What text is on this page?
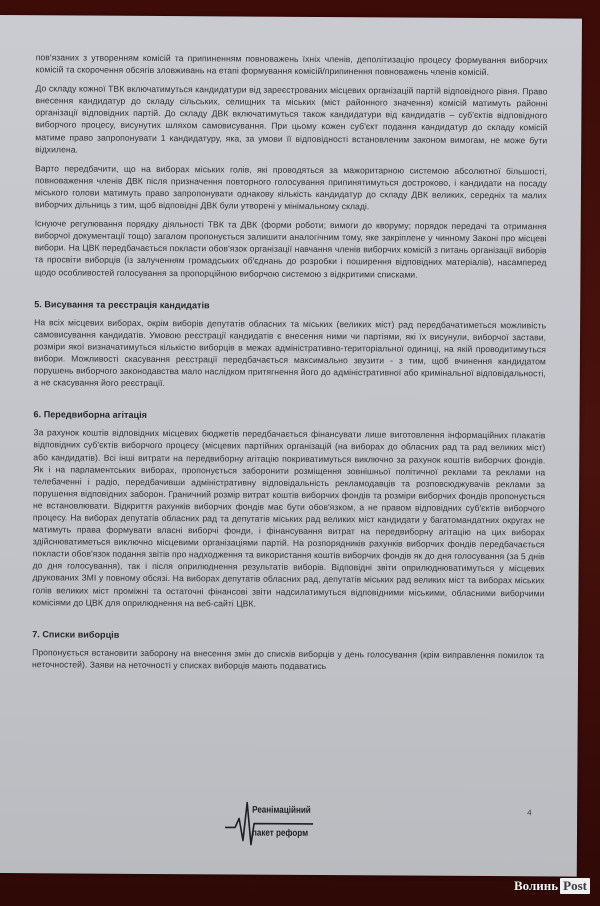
пов'язаних з утворенням комісій та припиненням повноважень їхніх членів, деполітизацію процесу формування виборчих комісій та скорочення обсягів зловживань на етапі формування комісій/припинення повноважень членів комісій.

До складу кожної ТВК включатимуться кандидатури від зареєстрованих місцевих організацій партій відповідного рівня. Право внесення кандидатур до складу сільських, селищних та міських (міст районного значення) комісій матимуть районні організації відповідних партій. До складу ДВК включатимуться також кандидатури від кандидатів – суб'єктів відповідного виборчого процесу, висунутих шляхом самовисування. При цьому кожен суб'єкт подання кандидатур до складу комісій матиме право запропонувати 1 кандидатуру, яка, за умови її відповідності встановленим законом вимогам, не може бути відхилена.

Варто передбачити, що на виборах міських голів, які проводяться за мажоритарною системою абсолютної більшості, повноваження членів ДВК після призначення повторного голосування припинятимуться достроково, і кандидати на посаду міського голови матимуть право запропонувати однакову кількість кандидатур до складу ДВК великих, середніх та малих виборчих дільниць з тим, щоб відповідні ДВК були утворені у мінімальному складі.

Існуюче регулювання порядку діяльності ТВК та ДВК (форми роботи; вимоги до кворуму; порядок передачі та отримання виборчої документації тощо) загалом пропонується залишити аналогічним тому, яке закріплене у чинному Законі про місцеві вибори. На ЦВК передбачається покласти обов'язок організації навчання членів виборчих комісій з питань організації виборів та просвіти виборців (із залученням громадських об'єднань до розробки і поширення відповідних матеріалів), насамперед щодо особливостей голосування за пропорційною виборчою системою з відкритими списками.

5. Висування та реєстрація кандидатів

На всіх місцевих виборах, окрім виборів депутатів обласних та міських (великих міст) рад передбачатиметься можливість самовисування кандидатів. Умовою реєстрації кандидатів є внесення ними чи партіями, які їх висунули, виборчої застави, розміри якої визначатимуться кількістю виборців в межах адміністративно-територіальної одиниці, на якій проводитимуться вибори. Можливості скасування реєстрації передбачається максимально звузити - з тим, щоб вчинення кандидатом порушень виборчого законодавства мало наслідком притягнення його до адміністративної або кримінальної відповідальності, а не скасування його реєстрації.

6. Передвиборна агітація

За рахунок коштів відповідних місцевих бюджетів передбачається фінансувати лише виготовлення інформаційних плакатів відповідних суб'єктів виборчого процесу (місцевих партійних організацій (на виборах до обласних рад та рад великих міст) або кандидатів). Всі інші витрати на передвиборну агітацію покриватимуться виключно за рахунок коштів виборчих фондів. Як і на парламентських виборах, пропонується заборонити розміщення зовнішньої політичної реклами та реклами на телебаченні і радіо, передбачивши адміністративну відповідальність рекламодавців та розповсюджувачів реклами за порушення відповідних заборон. Граничний розмір витрат коштів виборчих фондів та розміри виборчих фондів пропонується не встановлювати. Відкриття рахунків виборчих фондів має бути обов'язком, а не правом відповідних суб'єктів виборчого процесу. На виборах депутатів обласних рад та депутатів міських рад великих міст кандидати у багатомандатних округах не матимуть права формувати власні виборчі фонди, і фінансування витрат на передвиборну агітацію на цих виборах здійснюватиметься виключно місцевими організаціями партій. На розпорядників рахунків виборчих фондів передбачається покласти обов'язок подання звітів про надходження та використання коштів виборчих фондів як до дня голосування (за 5 днів до дня голосування), так і після оприлюднення результатів виборів. Відповідні звіти оприлюднюватимуться у місцевих друкованих ЗМІ у повному обсязі. На виборах депутатів обласних рад, депутатів міських рад великих міст та виборах міських голів великих міст проміжні та остаточні фінансові звіти надсилатимуться відповідними міськими, обласними виборчими комісіями до ЦВК для оприлюднення на веб-сайті ЦВК.

7. Списки виборців

Пропонується встановити заборону на внесення змін до списків виборців у день голосування (крім виправлення помилок та неточностей). Заяви на неточності у списках виборців мають подаватись

Реанімаційний
пакет реформ
4
Волинь Post
